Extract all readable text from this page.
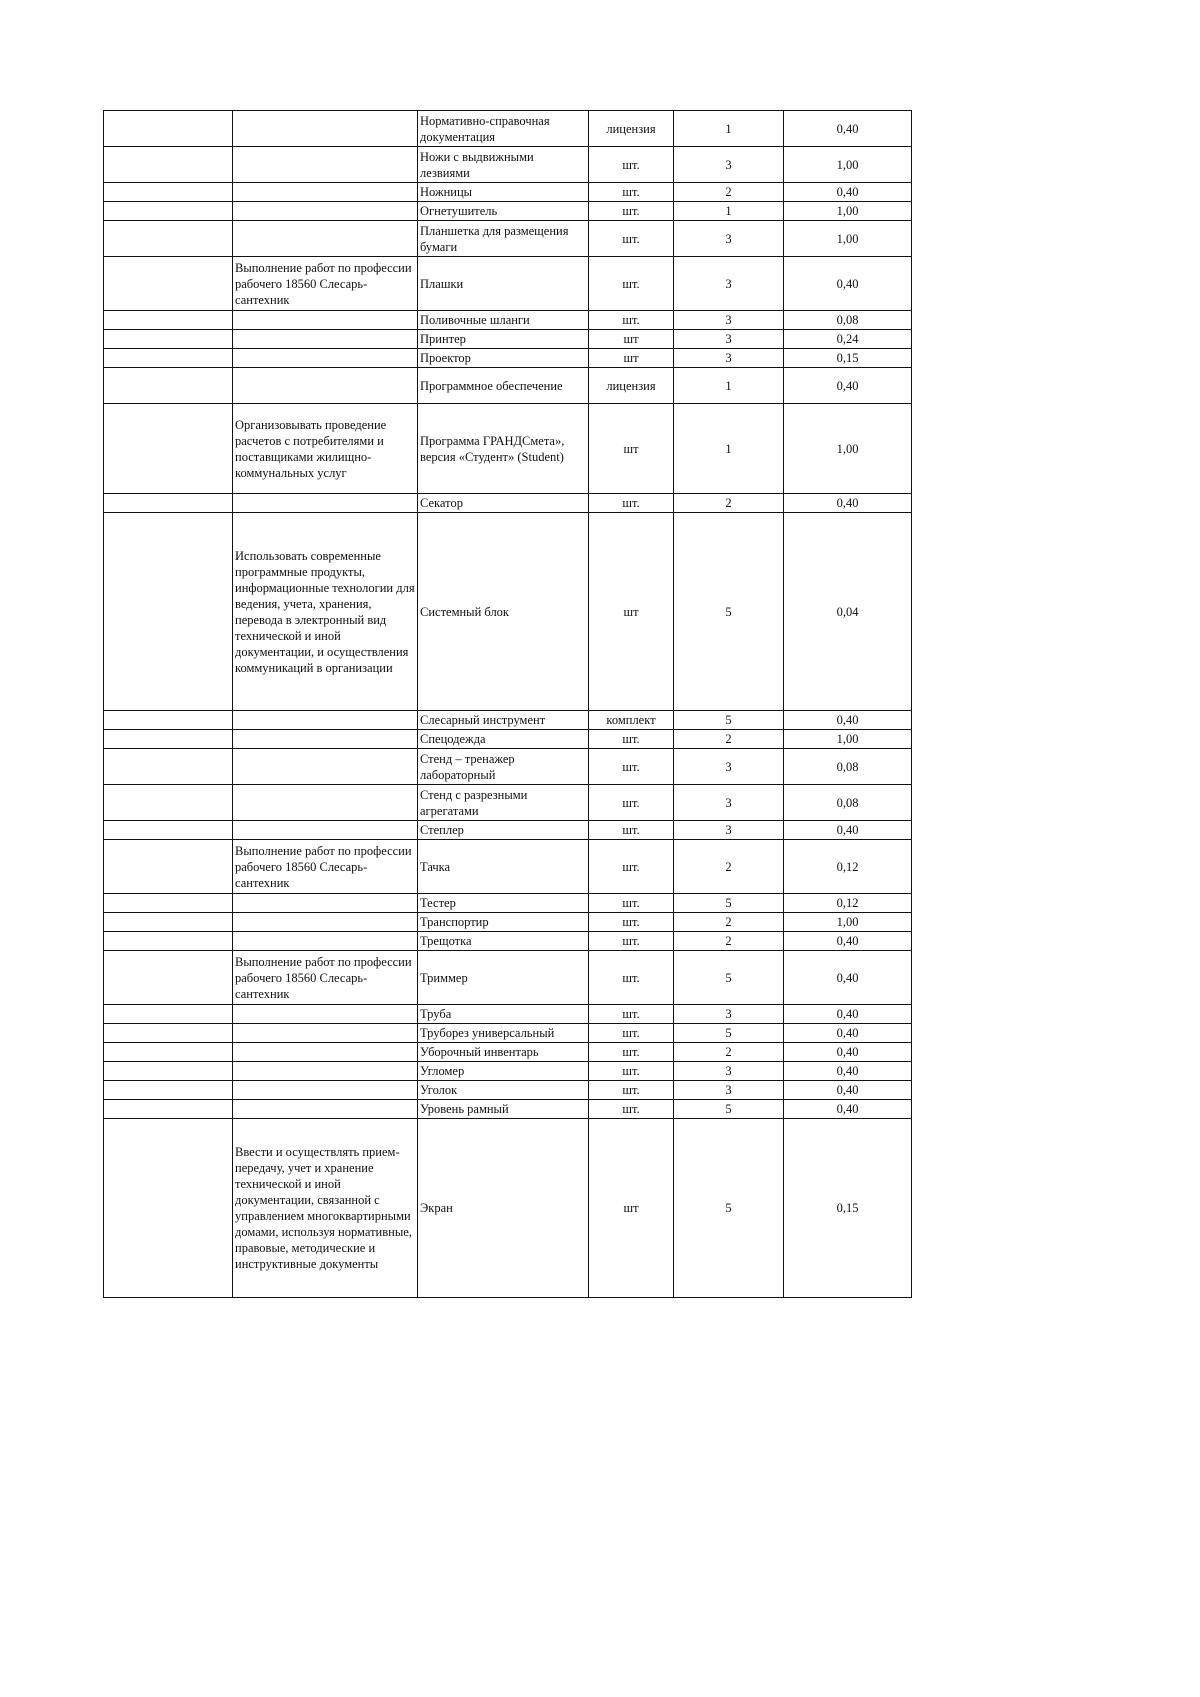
		Нормативно-справочная документация	лицензия	1	0,40
		Ножи с выдвижными лезвиями	шт.	3	1,00
		Ножницы	шт.	2	0,40
		Огнетушитель	шт.	1	1,00
		Планшетка для размещения бумаги	шт.	3	1,00
	Выполнение работ по профессии рабочего 18560 Слесарь-сантехник	Плашки	шт.	3	0,40
		Поливочные шланги	шт.	3	0,08
		Принтер	шт	3	0,24
		Проектор	шт	3	0,15
		Программное обеспечение	лицензия	1	0,40
	Организовывать проведение расчетов с потребителями и поставщиками жилищно-коммунальных услуг	Программа ГРАНДСмета», версия «Студент» (Student)	шт	1	1,00
		Секатор	шт.	2	0,40
	Использовать современные программные продукты, информационные технологии для ведения, учета, хранения, перевода в электронный вид технической и иной документации, и осуществления коммуникаций в организации	Системный блок	шт	5	0,04
		Слесарный инструмент	комплект	5	0,40
		Спецодежда	шт.	2	1,00
		Стенд – тренажер лабораторный	шт.	3	0,08
		Стенд с разрезными агрегатами	шт.	3	0,08
		Степлер	шт.	3	0,40
	Выполнение работ по профессии рабочего 18560 Слесарь-сантехник	Тачка	шт.	2	0,12
		Тестер	шт.	5	0,12
		Транспортир	шт.	2	1,00
		Трещотка	шт.	2	0,40
	Выполнение работ по профессии рабочего 18560 Слесарь-сантехник	Триммер	шт.	5	0,40
		Труба	шт.	3	0,40
		Труборез универсальный	шт.	5	0,40
		Уборочный инвентарь	шт.	2	0,40
		Угломер	шт.	3	0,40
		Уголок	шт.	3	0,40
		Уровень рамный	шт.	5	0,40
	Ввести и осуществлять прием-передачу, учет и хранение технической и иной документации, связанной с управлением многоквартирными домами, используя нормативные, правовые, методические и инструктивные документы	Экран	шт	5	0,15
